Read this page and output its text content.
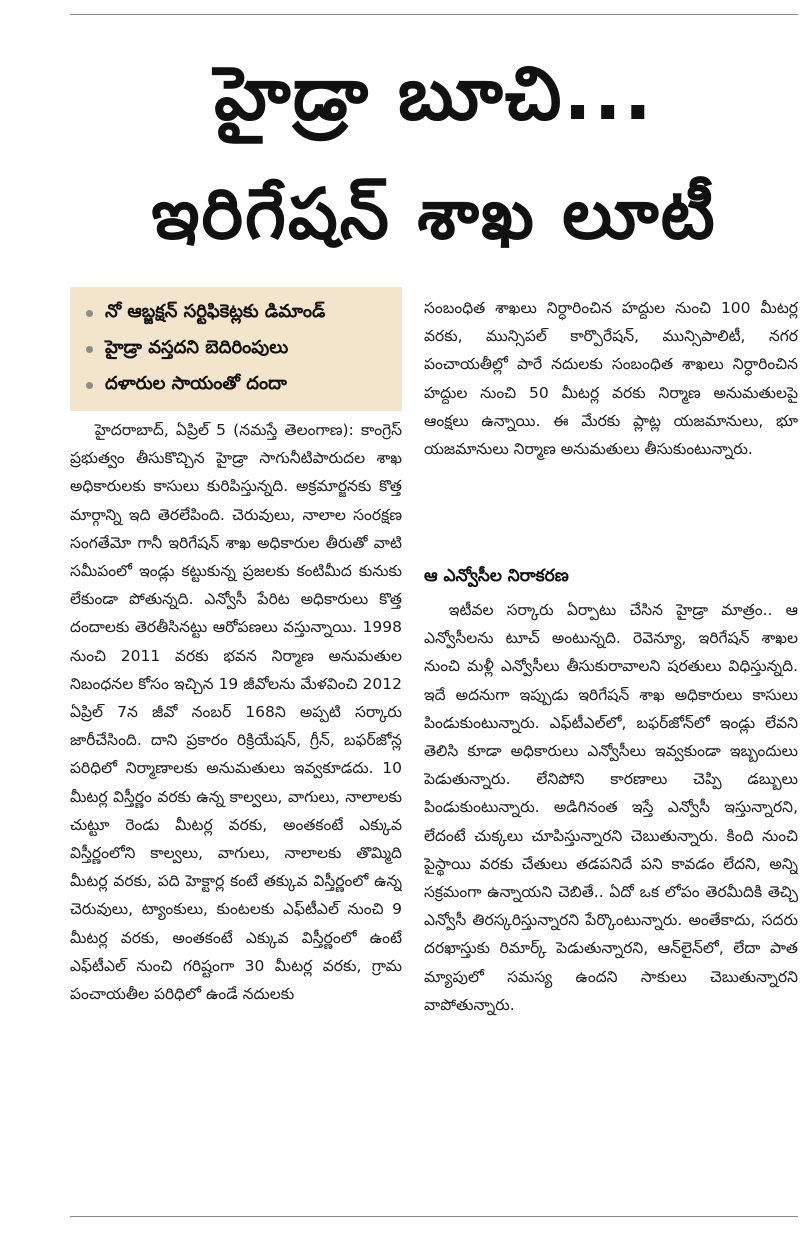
హైడ్రా బూచి...
ఇరిగేషన్ శాఖ లూటీ
నో ఆబ్జక్షన్ సర్టిఫికెట్లకు డిమాండ్
హైడ్రా వస్తదని బెదిరింపులు
దళారుల సాయంతో దందా

హైదరాబాద్, ఏప్రిల్ 5 (నమస్తే తెలంగాణ): కాంగ్రెస్ ప్రభుత్వం తీసుకొచ్చిన హైడ్రా సాగునీటిపారుదల శాఖ అధికారులకు కాసులు కురిపిస్తున్నది. అక్రమార్జనకు కొత్త మార్గాన్ని ఇది తెరలేపింది. చెరువులు, నాలాల సంరక్షణ సంగతేమో గానీ ఇరిగేషన్ శాఖ అధికారుల తీరుతో వాటి సమీపంలో ఇండ్లు కట్టుకున్న ప్రజలకు కంటిమీద కునుకు లేకుండా పోతున్నది. ఎన్వోసీ పేరిట అధికారులు కొత్త దందాలకు తెరతీసినట్టు ఆరోపణలు వస్తున్నాయి. 1998 నుంచి 2011 వరకు భవన నిర్మాణ అనుమతుల నిబంధనల కోసం ఇచ్చిన 19 జీవోలను మేళవించి 2012 ఏప్రిల్ 7న జీవో నంబర్ 168ని అప్పటి సర్కారు జారీచేసింది. దాని ప్రకారం రిక్రియేషన్, గ్రీన్, బఫర్‌జోన్ల పరిధిలో నిర్మాణాలకు అనుమతులు ఇవ్వకూడదు. 10 మీటర్ల విస్తీర్ణం వరకు ఉన్న కాల్వలు, వాగులు, నాలాలకు చుట్టూ రెండు మీటర్ల వరకు, అంతకంటే ఎక్కువ విస్తీర్ణంలోని కాల్వలు, వాగులు, నాలాలకు తొమ్మిది మీటర్ల వరకు, పది హెక్టార్ల కంటే తక్కువ విస్తీర్ణంలో ఉన్న చెరువులు, ట్యాంకులు, కుంటలకు ఎఫ్‌టీఎల్ నుంచి 9 మీటర్ల వరకు, అంతకంటే ఎక్కువ విస్తీర్ణంలో ఉంటే ఎఫ్‌టీఎల్ నుంచి గరిష్టంగా 30 మీటర్ల వరకు, గ్రామ పంచాయతీల పరిధిలో ఉండే నదులకు

సంబంధిత శాఖలు నిర్ధారించిన హద్దుల నుంచి 100 మీటర్ల వరకు, మున్సిపల్ కార్పొరేషన్, మున్సిపాలిటీ, నగర పంచాయతీల్లో పారే నదులకు సంబంధిత శాఖలు నిర్ధారించిన హద్దుల నుంచి 50 మీటర్ల వరకు నిర్మాణ అనుమతులపై ఆంక్షలు ఉన్నాయి. ఈ మేరకు ప్లాట్ల యజమానులు, భూ యజమానులు నిర్మాణ అనుమతులు తీసుకుంటున్నారు.

ఆ ఎన్వోసీల నిరాకరణ

ఇటీవల సర్కారు ఏర్పాటు చేసిన హైడ్రా మాత్రం.. ఆ ఎన్వోసీలను టూచ్ అంటున్నది. రెవెన్యూ, ఇరిగేషన్ శాఖల నుంచి మళ్లీ ఎన్వోసీలు తీసుకురావాలని షరతులు విధిస్తున్నది. ఇదే అదనుగా ఇప్పుడు ఇరిగేషన్ శాఖ అధికారులు కాసులు పిండుకుంటున్నారు. ఎఫ్‌టీఎల్‌లో, బఫర్‌జోన్‌లో ఇండ్లు లేవని తెలిసి కూడా అధికారులు ఎన్వోసీలు ఇవ్వకుండా ఇబ్బందులు పెడుతున్నారు. లేనిపోని కారణాలు చెప్పి డబ్బులు పిండుకుంటున్నారు. అడిగినంత ఇస్తే ఎన్వోసీ ఇస్తున్నారని, లేదంటే చుక్కలు చూపిస్తున్నారని చెబుతున్నారు. కింది నుంచి పైస్థాయి వరకు చేతులు తడపనిదే పని కావడం లేదని, అన్ని సక్రమంగా ఉన్నాయని చెబితే.. ఏదో ఒక లోపం తెరమీదికి తెచ్చి ఎన్వోసీ తిరస్కరిస్తున్నారని పేర్కొంటున్నారు. అంతేకాదు, సదరు దరఖాస్తుకు రిమార్క్ పెడుతున్నారని, ఆన్‌లైన్‌లో, లేదా పాత మ్యాపులో సమస్య ఉందని సాకులు చెబుతున్నారని వాపోతున్నారు.
